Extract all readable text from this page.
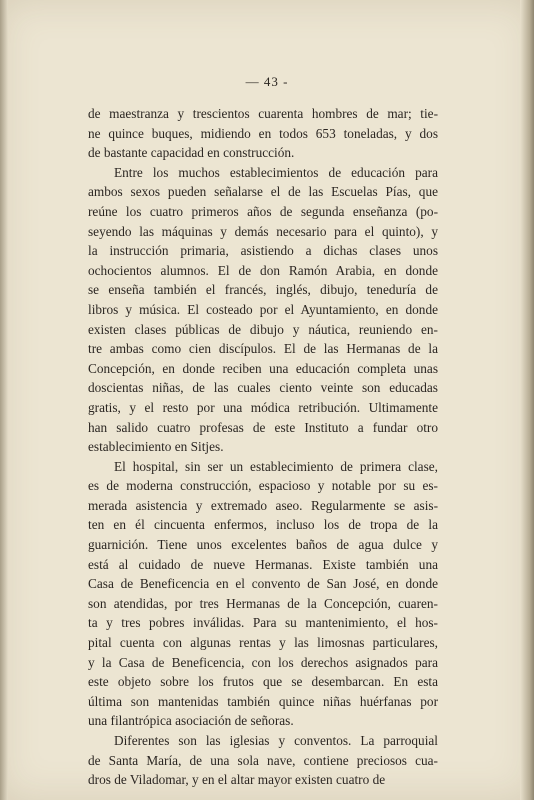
— 43 -
de maestranza y trescientos cuarenta hombres de mar; tie-
ne quince buques, midiendo en todos 653 toneladas, y dos
de bastante capacidad en construcción.
Entre los muchos establecimientos de educación para
ambos sexos pueden señalarse el de las Escuelas Pías, que
reúne los cuatro primeros años de segunda enseñanza (po-
seyendo las máquinas y demás necesario para el quinto), y
la instrucción primaria, asistiendo a dichas clases unos
ochocientos alumnos. El de don Ramón Arabia, en donde
se enseña también el francés, inglés, dibujo, teneduría de
libros y música. El costeado por el Ayuntamiento, en donde
existen clases públicas de dibujo y náutica, reuniendo en-
tre ambas como cien discípulos. El de las Hermanas de la
Concepción, en donde reciben una educación completa unas
doscientas niñas, de las cuales ciento veinte son educadas
gratis, y el resto por una módica retribución. Ultimamente
han salido cuatro profesas de este Instituto a fundar otro
establecimiento en Sitjes.
El hospital, sin ser un establecimiento de primera clase,
es de moderna construcción, espacioso y notable por su es-
merada asistencia y extremado aseo. Regularmente se asis-
ten en él cincuenta enfermos, incluso los de tropa de la
guarnición. Tiene unos excelentes baños de agua dulce y
está al cuidado de nueve Hermanas. Existe también una
Casa de Beneficencia en el convento de San José, en donde
son atendidas, por tres Hermanas de la Concepción, cuaren-
ta y tres pobres inválidas. Para su mantenimiento, el hos-
pital cuenta con algunas rentas y las limosnas particulares,
y la Casa de Beneficencia, con los derechos asignados para
este objeto sobre los frutos que se desembarcan. En esta
última son mantenidas también quince niñas huérfanas por
una filantrópica asociación de señoras.
Diferentes son las iglesias y conventos. La parroquial
de Santa María, de una sola nave, contiene preciosos cua-
dros de Viladomar, y en el altar mayor existen cuatro de
